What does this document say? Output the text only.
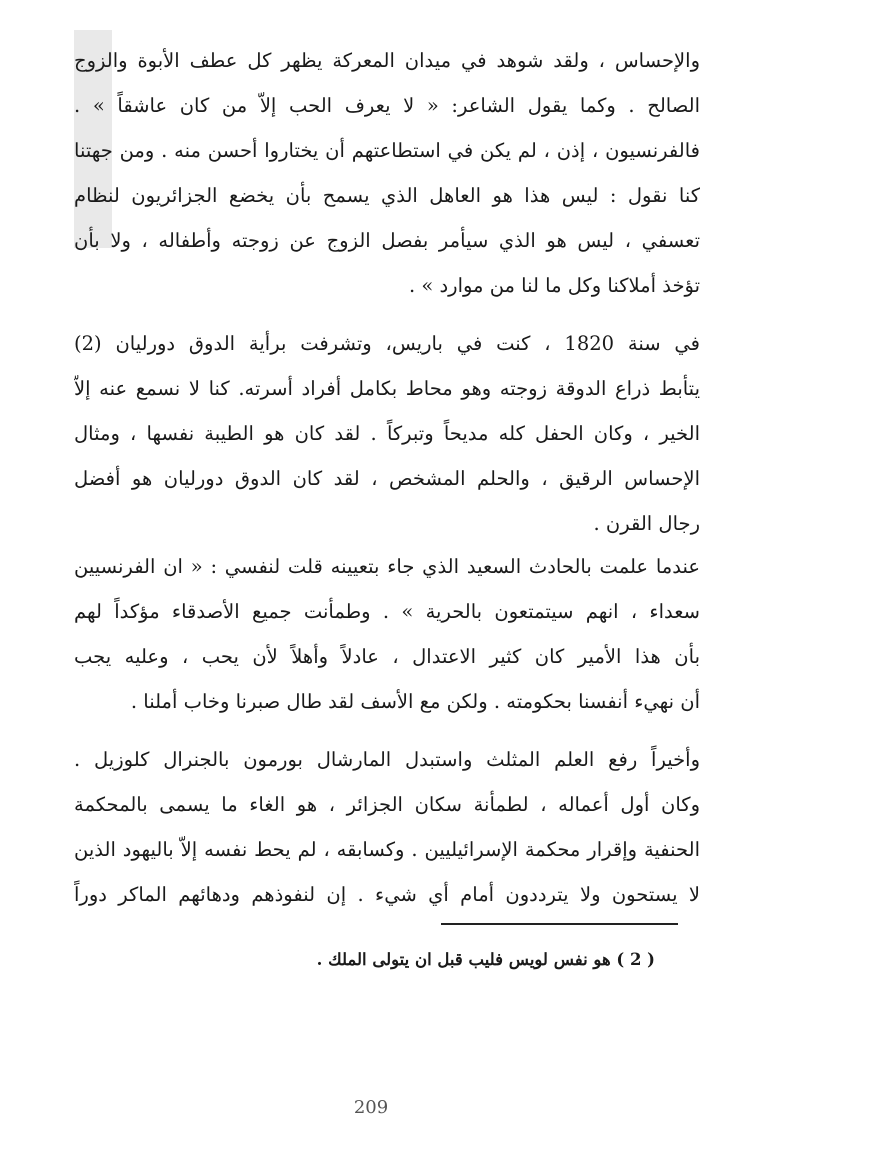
والإحساس ، ولقد شوهد في ميدان المعركة يظهر كل عطف الأبوة والزوج
الصالح . وكما يقول الشاعر: « لا يعرف الحب إلاّ من كان عاشقاً » .
فالفرنسيون ، إذن ، لم يكن في استطاعتهم أن يختاروا أحسن منه . ومن جهتنا
كنا نقول : ليس هذا هو العاهل الذي يسمح بأن يخضع الجزائريون لنظام
تعسفي ، ليس هو الذي سيأمر بفصل الزوج عن زوجته وأطفاله ، ولا بأن
تؤخذ أملاكنا وكل ما لنا من موارد » .
في سنة 1820 ، كنت في باريس، وتشرفت برأية الدوق دورليان (2)
يتأبط ذراع الدوقة زوجته وهو محاط بكامل أفراد أسرته. كنا لا نسمع عنه إلاّ
الخير ، وكان الحفل كله مديحاً وتبركاً . لقد كان هو الطيبة نفسها ، ومثال
الإحساس الرقيق ، والحلم المشخص ، لقد كان الدوق دورليان هو أفضل
رجال القرن .
عندما علمت بالحادث السعيد الذي جاء بتعيينه قلت لنفسي : « ان الفرنسيين
سعداء ، انهم سيتمتعون بالحرية » . وطمأنت جميع الأصدقاء مؤكداً لهم
بأن هذا الأمير كان كثير الاعتدال ، عادلاً وأهلاً لأن يحب ، وعليه يجب
أن نهيء أنفسنا بحكومته . ولكن مع الأسف لقد طال صبرنا وخاب أملنا .
وأخيراً رفع العلم المثلث واستبدل المارشال بورمون بالجنرال كلوزيل .
وكان أول أعماله ، لطمأنة سكان الجزائر ، هو الغاء ما يسمى بالمحكمة
الحنفية وإقرار محكمة الإسرائيليين . وكسابقه ، لم يحط نفسه إلاّ باليهود الذين
لا يستحون ولا يترددون أمام أي شيء . إن لنفوذهم ودهائهم الماكر دوراً
( 2 ) هو نفس لويس فليب قبل ان يتولى الملك .
209
